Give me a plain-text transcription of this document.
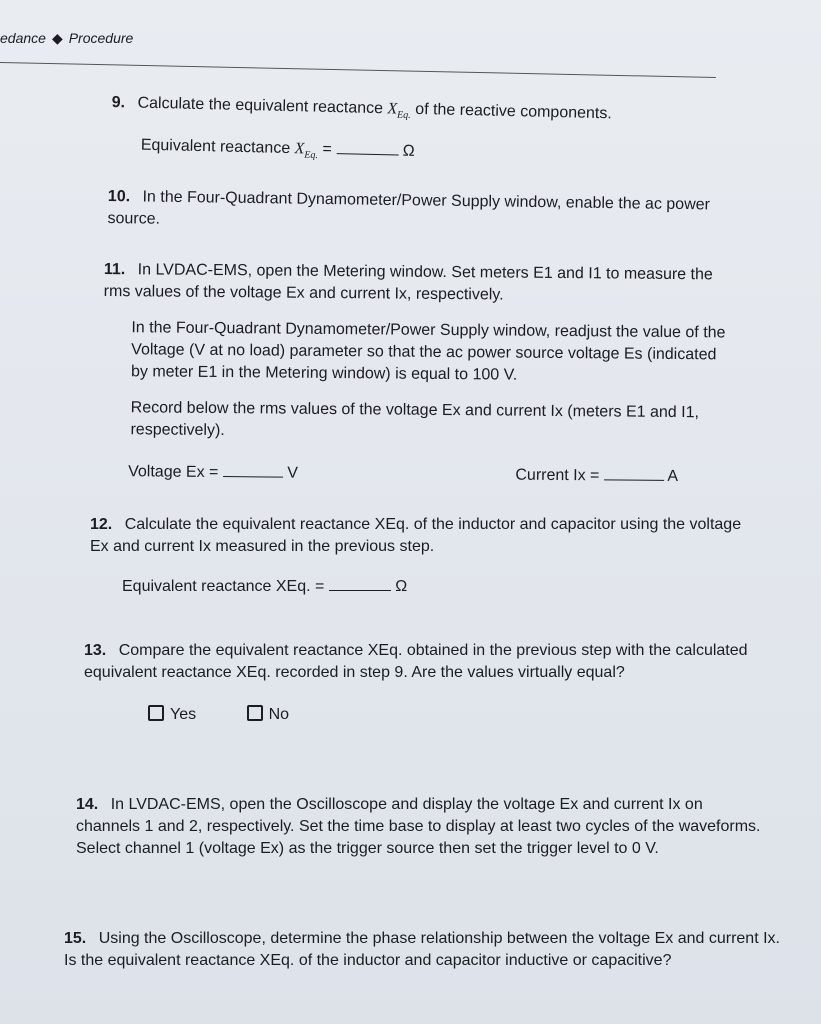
edance ◆ Procedure
9. Calculate the equivalent reactance $X_{Eq.}$ of the reactive components.
Equivalent reactance $X_{Eq.}$ =	Ω
10. In the Four-Quadrant Dynamometer/Power Supply window, enable the ac power source.
11. In LVDAC-EMS, open the Metering window. Set meters E1 and I1 to measure the rms values of the voltage Ex and current Ix, respectively.
In the Four-Quadrant Dynamometer/Power Supply window, readjust the value of the Voltage (V at no load) parameter so that the ac power source voltage Es (indicated by meter E1 in the Metering window) is equal to 100 V.
Record below the rms values of the voltage Ex and current Ix (meters E1 and I1, respectively).
Voltage Ex =	V	Current Ix =	A
12. Calculate the equivalent reactance XEq. of the inductor and capacitor using the voltage Ex and current Ix measured in the previous step.
Equivalent reactance XEq. =	Ω
13. Compare the equivalent reactance XEq. obtained in the previous step with the calculated equivalent reactance XEq. recorded in step 9. Are the values virtually equal?
Yes	No
14. In LVDAC-EMS, open the Oscilloscope and display the voltage Ex and current Ix on channels 1 and 2, respectively. Set the time base to display at least two cycles of the waveforms. Select channel 1 (voltage Ex) as the trigger source then set the trigger level to 0 V.
15. Using the Oscilloscope, determine the phase relationship between the voltage Ex and current Ix. Is the equivalent reactance XEq. of the inductor and capacitor inductive or capacitive?
